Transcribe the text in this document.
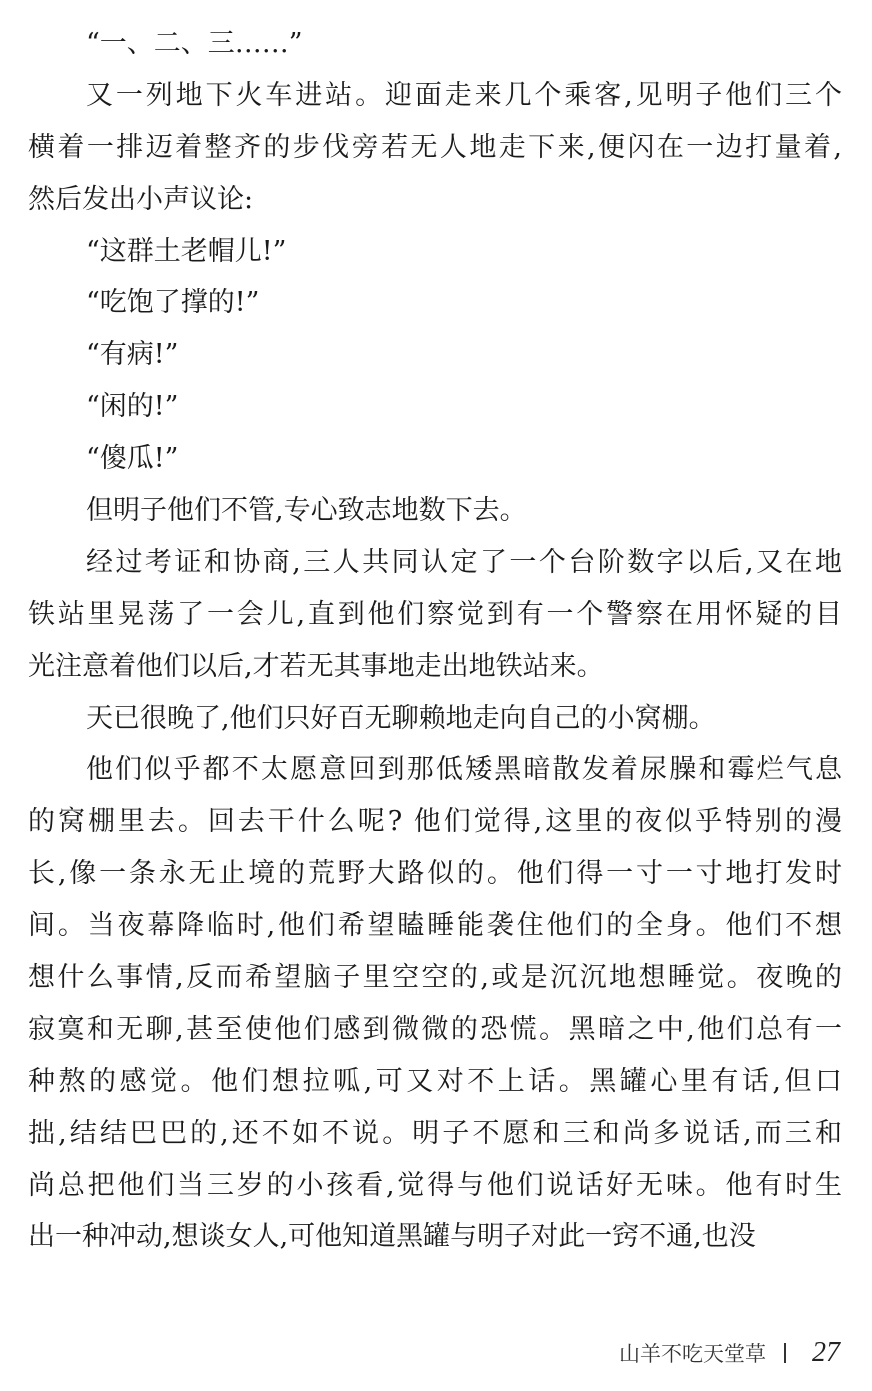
“一、二、三……”
又一列地下火车进站。迎面走来几个乘客,见明子他们三个
横着一排迈着整齐的步伐旁若无人地走下来,便闪在一边打量着,
然后发出小声议论:
“这群土老帽儿!”
“吃饱了撑的!”
“有病!”
“闲的!”
“傻瓜!”
但明子他们不管,专心致志地数下去。
经过考证和协商,三人共同认定了一个台阶数字以后,又在地
铁站里晃荡了一会儿,直到他们察觉到有一个警察在用怀疑的目
光注意着他们以后,才若无其事地走出地铁站来。
天已很晚了,他们只好百无聊赖地走向自己的小窝棚。
他们似乎都不太愿意回到那低矮黑暗散发着尿臊和霉烂气息
的窝棚里去。回去干什么呢? 他们觉得,这里的夜似乎特别的漫
长,像一条永无止境的荒野大路似的。他们得一寸一寸地打发时
间。当夜幕降临时,他们希望瞌睡能袭住他们的全身。他们不想
想什么事情,反而希望脑子里空空的,或是沉沉地想睡觉。夜晚的
寂寞和无聊,甚至使他们感到微微的恐慌。黑暗之中,他们总有一
种熬的感觉。他们想拉呱,可又对不上话。黑罐心里有话,但口
拙,结结巴巴的,还不如不说。明子不愿和三和尚多说话,而三和
尚总把他们当三岁的小孩看,觉得与他们说话好无味。他有时生
出一种冲动,想谈女人,可他知道黑罐与明子对此一窍不通,也没
山羊不吃天堂草 27
